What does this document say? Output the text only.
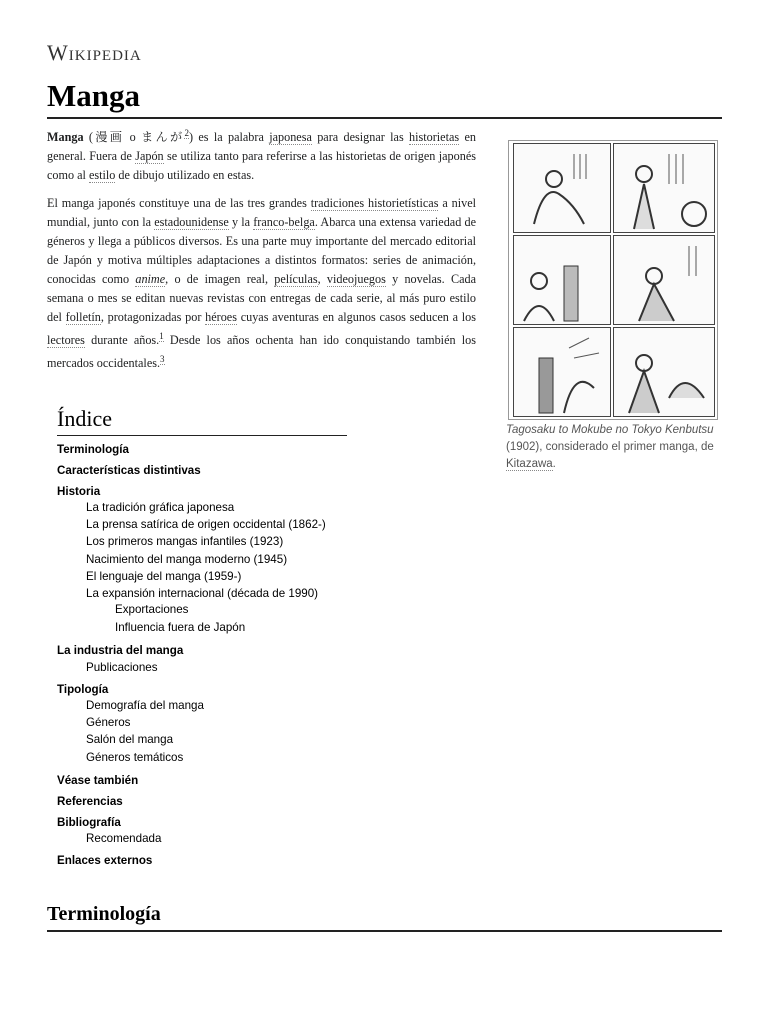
Wikipedia
Manga

Manga (漫画 o まんが$^2$) es la palabra japonesa para designar las historietas en general. Fuera de Japón se utiliza tanto para referirse a las historietas de origen japonés como al estilo de dibujo utilizado en estas.

El manga japonés constituye una de las tres grandes tradiciones historietísticas a nivel mundial, junto con la estadounidense y la franco-belga. Abarca una extensa variedad de géneros y llega a públicos diversos. Es una parte muy importante del mercado editorial de Japón y motiva múltiples adaptaciones a distintos formatos: series de animación, conocidas como anime, o de imagen real, películas, videojuegos y novelas. Cada semana o mes se editan nuevas revistas con entregas de cada serie, al más puro estilo del folletín, protagonizadas por héroes cuyas aventuras en algunos casos seducen a los lectores durante años.$^1$ Desde los años ochenta han ido conquistando también los mercados occidentales.$^3$

Tagosaku to Mokube no Tokyo Kenbutsu (1902), considerado el primer manga, de Kitazawa.
Índice
Terminología
Características distintivas
Historia
La tradición gráfica japonesa
La prensa satírica de origen occidental (1862-)
Los primeros mangas infantiles (1923)
Nacimiento del manga moderno (1945)
El lenguaje del manga (1959-)
La expansión internacional (década de 1990)
Exportaciones
Influencia fuera de Japón
La industria del manga
Publicaciones
Tipología
Demografía del manga
Géneros
Salón del manga
Géneros temáticos
Véase también
Referencias
Bibliografía
Recomendada
Enlaces externos
Terminología
